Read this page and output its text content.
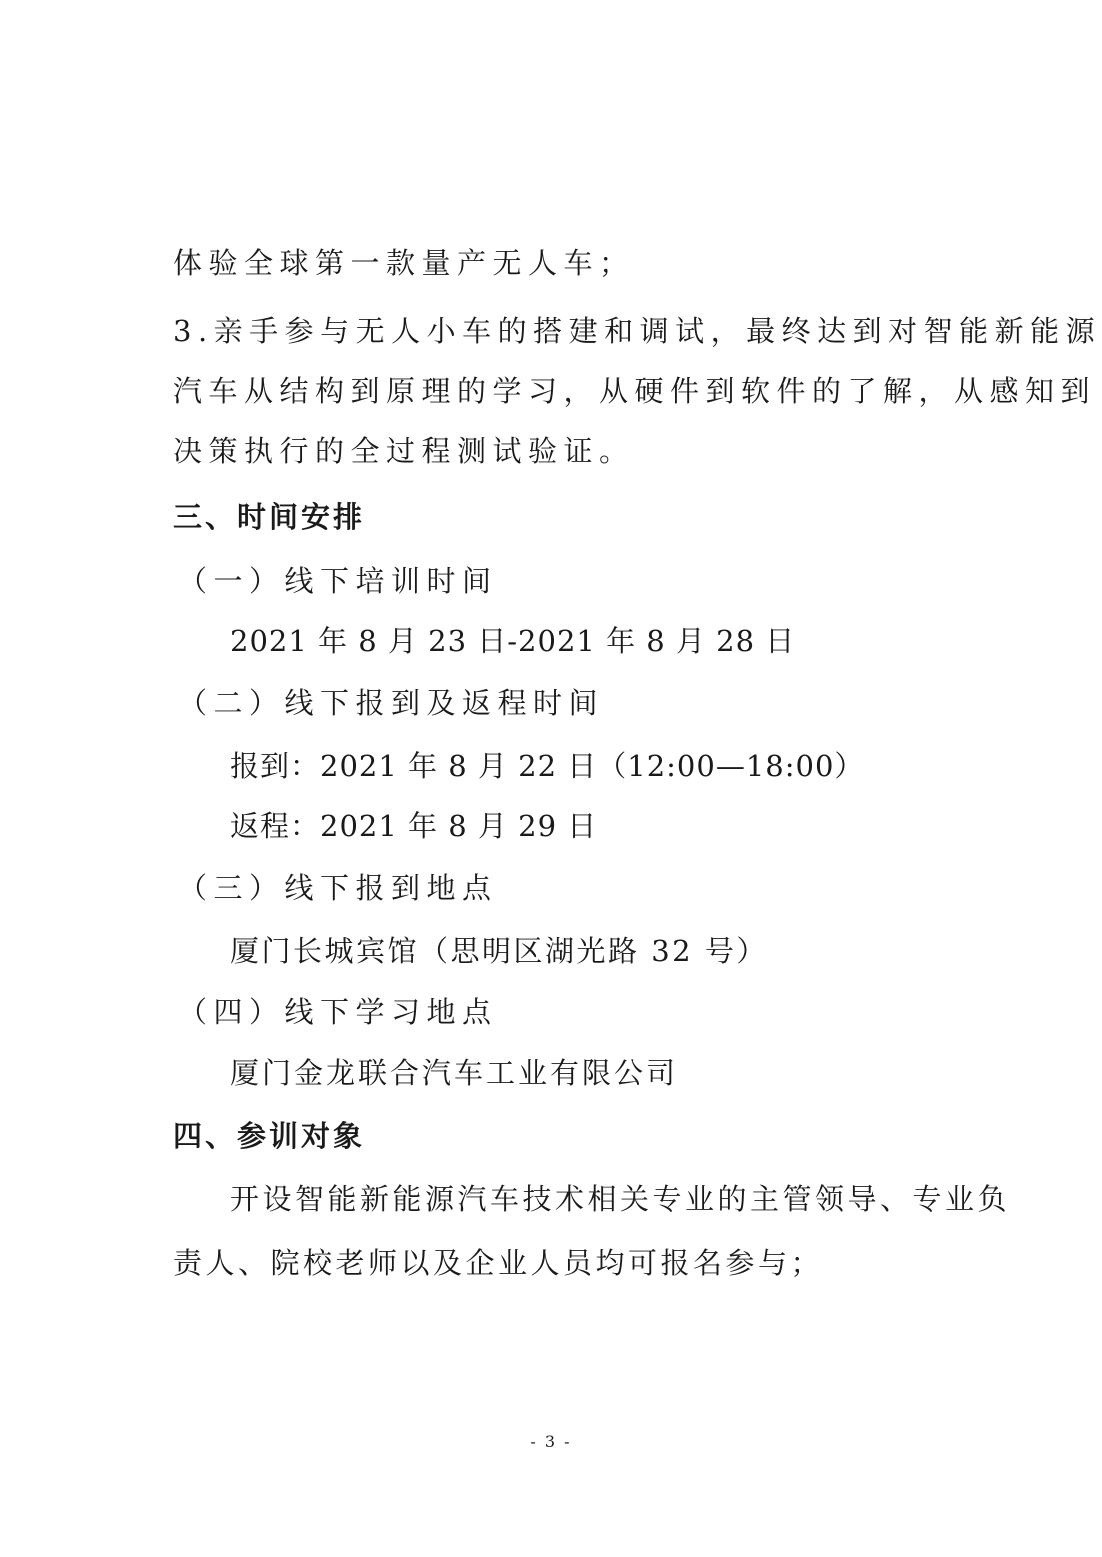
体验全球第一款量产无人车；
3.亲手参与无人小车的搭建和调试，最终达到对智能新能源
汽车从结构到原理的学习，从硬件到软件的了解，从感知到
决策执行的全过程测试验证。
三、时间安排
（一）线下培训时间
2021 年 8 月 23 日-2021 年 8 月 28 日
（二）线下报到及返程时间
报到：2021 年 8 月 22 日（12:00—18:00）
返程：2021 年 8 月 29 日
（三）线下报到地点
厦门长城宾馆（思明区湖光路 32 号）
（四）线下学习地点
厦门金龙联合汽车工业有限公司
四、参训对象
开设智能新能源汽车技术相关专业的主管领导、专业负
责人、院校老师以及企业人员均可报名参与；
- 3 -
